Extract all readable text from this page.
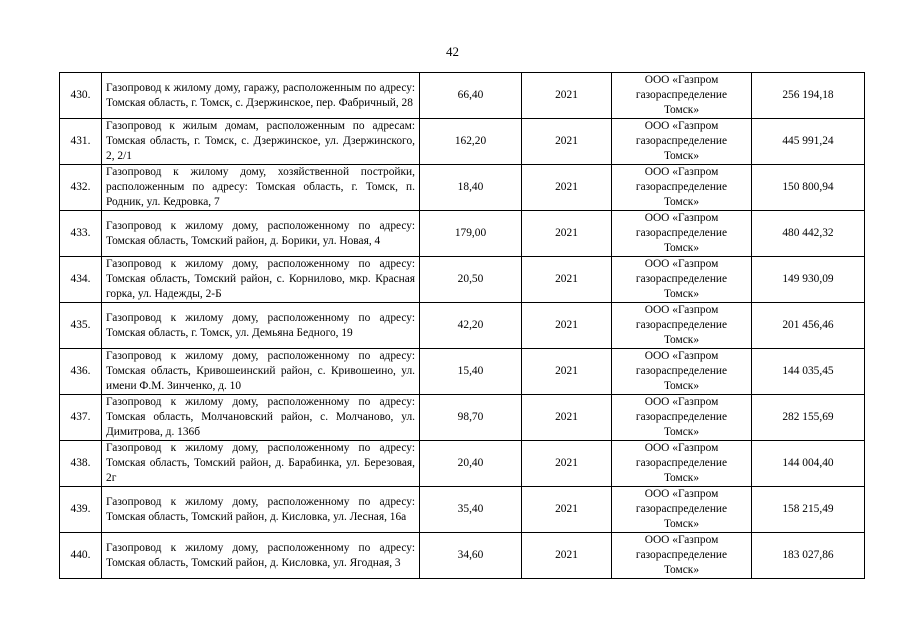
42
430.	Газопровод к жилому дому, гаражу, расположенным по адресу: Томская область, г. Томск, с. Дзержинское, пер. Фабричный, 28	66,40	2021	ООО «Газпром
газораспределение
Томск»	256 194,18
431.	Газопровод к жилым домам, расположенным по адресам: Томская область, г. Томск, с. Дзержинское, ул. Дзержинского, 2, 2/1	162,20	2021	ООО «Газпром
газораспределение
Томск»	445 991,24
432.	Газопровод к жилому дому, хозяйственной постройки, расположенным по адресу: Томская область, г. Томск, п. Родник, ул. Кедровка, 7	18,40	2021	ООО «Газпром
газораспределение
Томск»	150 800,94
433.	Газопровод к жилому дому, расположенному по адресу: Томская область, Томский район, д. Борики, ул. Новая, 4	179,00	2021	ООО «Газпром
газораспределение
Томск»	480 442,32
434.	Газопровод к жилому дому, расположенному по адресу: Томская область, Томский район, с. Корнилово, мкр. Красная горка, ул. Надежды, 2-Б	20,50	2021	ООО «Газпром
газораспределение
Томск»	149 930,09
435.	Газопровод к жилому дому, расположенному по адресу: Томская область, г. Томск, ул. Демьяна Бедного, 19	42,20	2021	ООО «Газпром
газораспределение
Томск»	201 456,46
436.	Газопровод к жилому дому, расположенному по адресу: Томская область, Кривошеинский район, с. Кривошеино, ул. имени Ф.М. Зинченко, д. 10	15,40	2021	ООО «Газпром
газораспределение
Томск»	144 035,45
437.	Газопровод к жилому дому, расположенному по адресу: Томская область, Молчановский район, с. Молчаново, ул. Димитрова, д. 136б	98,70	2021	ООО «Газпром
газораспределение
Томск»	282 155,69
438.	Газопровод к жилому дому, расположенному по адресу: Томская область, Томский район, д. Барабинка, ул. Березовая, 2г	20,40	2021	ООО «Газпром
газораспределение
Томск»	144 004,40
439.	Газопровод к жилому дому, расположенному по адресу: Томская область, Томский район, д. Кисловка, ул. Лесная, 16а	35,40	2021	ООО «Газпром
газораспределение
Томск»	158 215,49
440.	Газопровод к жилому дому, расположенному по адресу: Томская область, Томский район, д. Кисловка, ул. Ягодная, 3	34,60	2021	ООО «Газпром
газораспределение
Томск»	183 027,86
